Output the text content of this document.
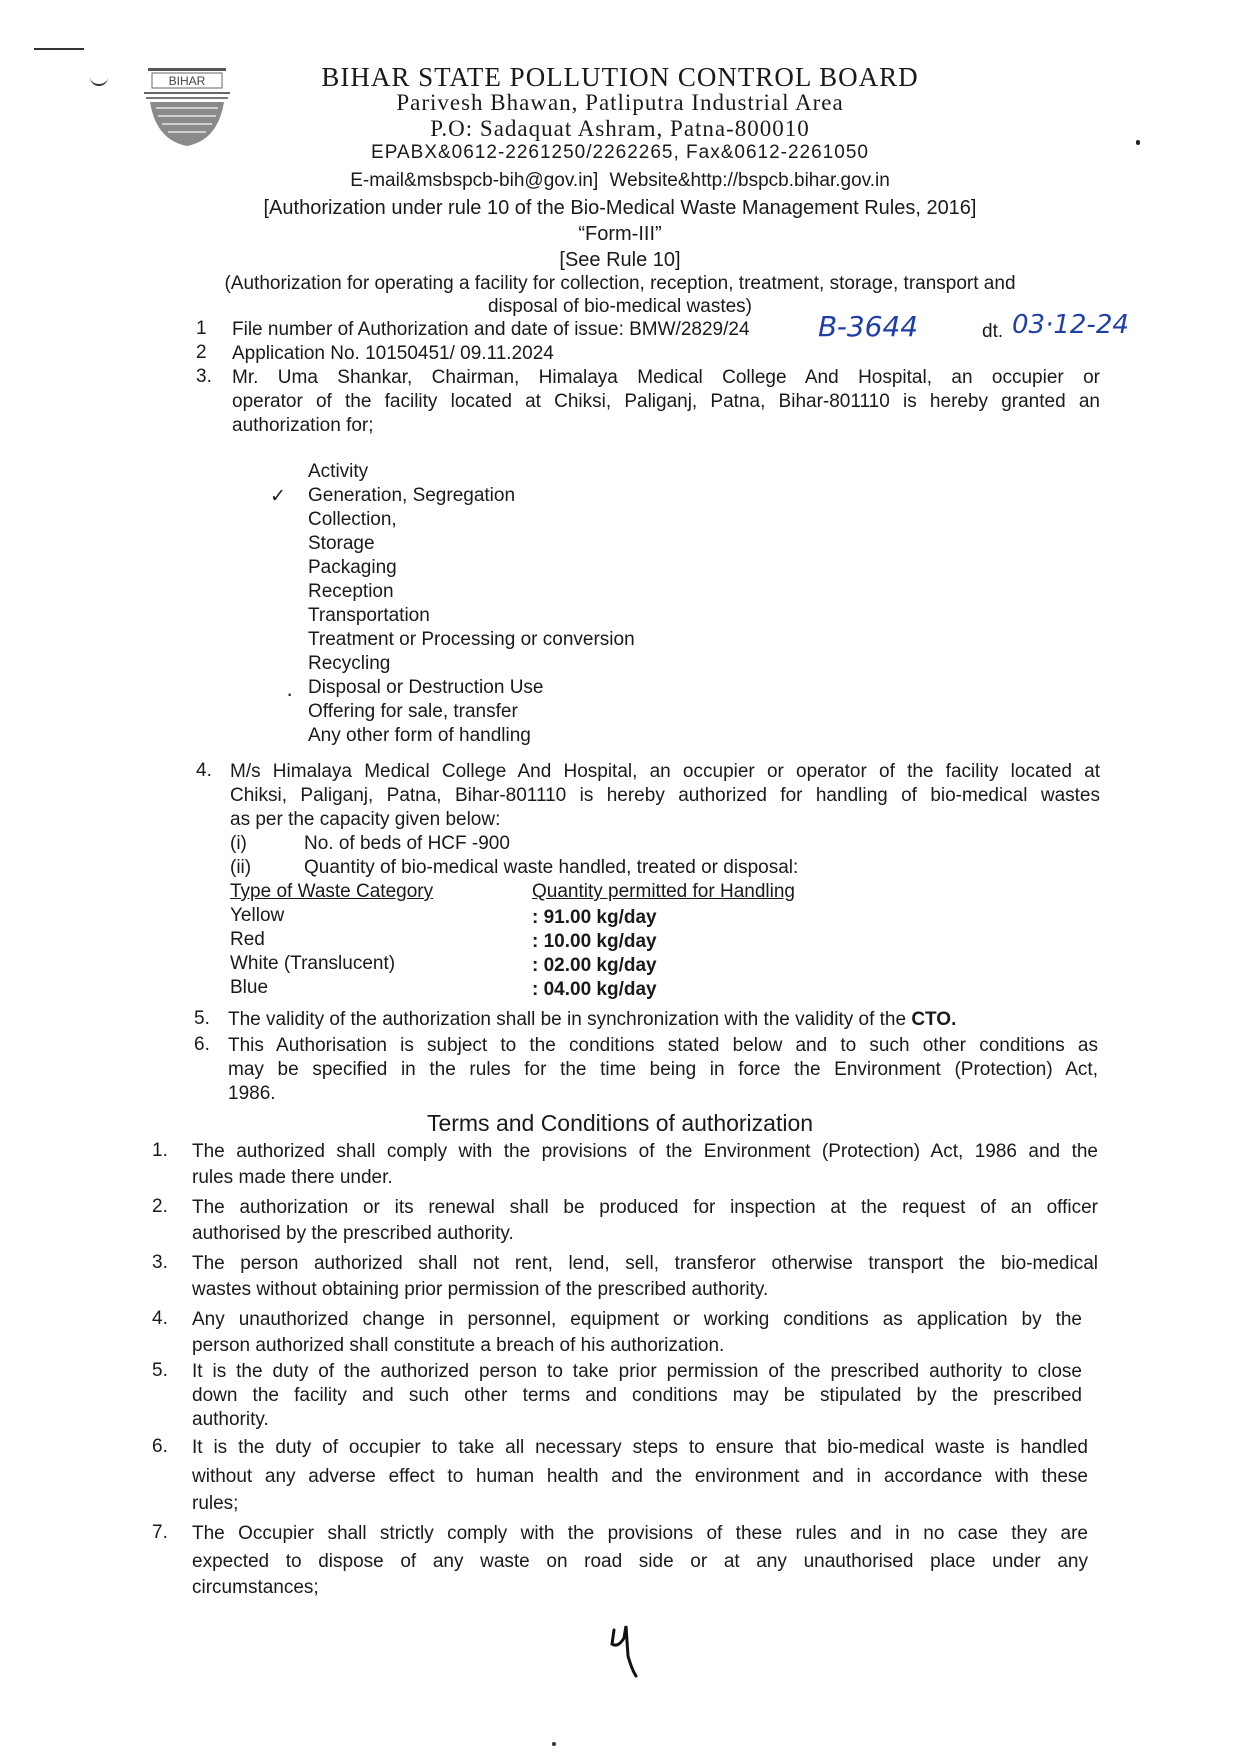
BIHAR	BIHAR STATE POLLUTION CONTROL BOARD
Parivesh Bhawan, Patliputra Industrial Area
P.O: Sadaquat Ashram, Patna-800010
EPABX&0612-2261250/2262265, Fax&0612-2261050
E-mail&msbspcb-bih@gov.in] Website&http://bspcb.bihar.gov.in
[Authorization under rule 10 of the Bio-Medical Waste Management Rules, 2016]
“Form-III”
[See Rule 10]
(Authorization for operating a facility for collection, reception, treatment, storage, transport and
disposal of bio-medical wastes)
1 File number of Authorization and date of issue: BMW/2829/24 B-3644	dt. 03·12-24
2 Application No. 10150451/ 09.11.2024
3. Mr. Uma Shankar, Chairman, Himalaya Medical College And Hospital, an occupier or
operator of the facility located at Chiksi, Paliganj, Patna, Bihar-801110 is hereby granted an
authorization for;
✓
·
Activity
Generation, Segregation
Collection,
Storage
Packaging
Reception
Transportation
Treatment or Processing or conversion
Recycling
Disposal or Destruction Use
Offering for sale, transfer
Any other form of handling
4. M/s Himalaya Medical College And Hospital, an occupier or operator of the facility located at
Chiksi, Paliganj, Patna, Bihar-801110 is hereby authorized for handling of bio-medical wastes
as per the capacity given below:
(i)	No. of beds of HCF -900
(ii)	Quantity of bio-medical waste handled, treated or disposal:
Type of Waste Category	Quantity permitted for Handling
Yellow	: 91.00 kg/day
Red	: 10.00 kg/day
White (Translucent)	: 02.00 kg/day
Blue	: 04.00 kg/day
5. The validity of the authorization shall be in synchronization with the validity of the CTO.
6. This Authorisation is subject to the conditions stated below and to such other conditions as
may be specified in the rules for the time being in force the Environment (Protection) Act,
1986.
Terms and Conditions of authorization
1. The authorized shall comply with the provisions of the Environment (Protection) Act, 1986 and the
rules made there under.
2. The authorization or its renewal shall be produced for inspection at the request of an officer
authorised by the prescribed authority.
3. The person authorized shall not rent, lend, sell, transferor otherwise transport the bio-medical
wastes without obtaining prior permission of the prescribed authority.
4. Any unauthorized change in personnel, equipment or working conditions as application by the
person authorized shall constitute a breach of his authorization.
5. It is the duty of the authorized person to take prior permission of the prescribed authority to close
down the facility and such other terms and conditions may be stipulated by the prescribed
authority.
6. It is the duty of occupier to take all necessary steps to ensure that bio-medical waste is handled
without any adverse effect to human health and the environment and in accordance with these
rules;
7. The Occupier shall strictly comply with the provisions of these rules and in no case they are
expected to dispose of any waste on road side or at any unauthorised place under any
circumstances;
